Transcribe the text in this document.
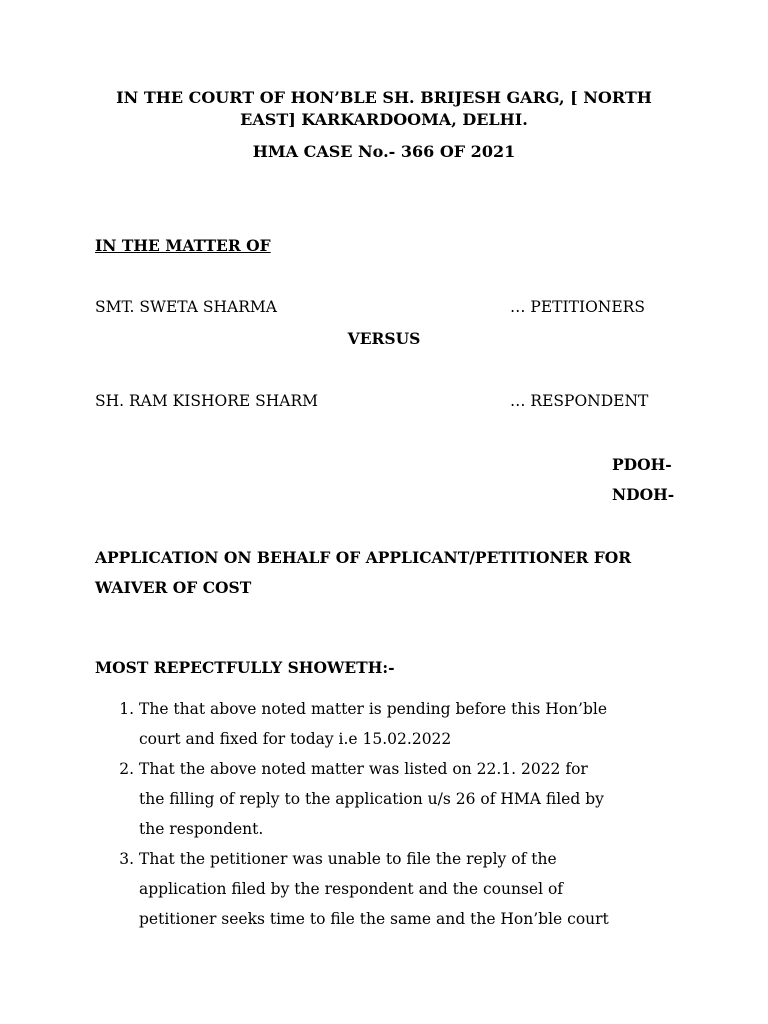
IN THE COURT OF HON’BLE SH. BRIJESH GARG, [ NORTH
EAST] KARKARDOOMA, DELHI.
HMA CASE No.- 366 OF 2021
IN THE MATTER OF
SMT. SWETA SHARMA	… PETITIONERS
VERSUS
SH. RAM KISHORE SHARM	… RESPONDENT
PDOH-
NDOH-
APPLICATION ON BEHALF OF APPLICANT/PETITIONER FOR
WAIVER OF COST
MOST REPECTFULLY SHOWETH:-
1. The that above noted matter is pending before this Hon’ble
court and fixed for today i.e 15.02.2022
2. That the above noted matter was listed on 22.1. 2022 for
the filling of reply to the application u/s 26 of HMA filed by
the respondent.
3. That the petitioner was unable to file the reply of the
application filed by the respondent and the counsel of
petitioner seeks time to file the same and the Hon’ble court
